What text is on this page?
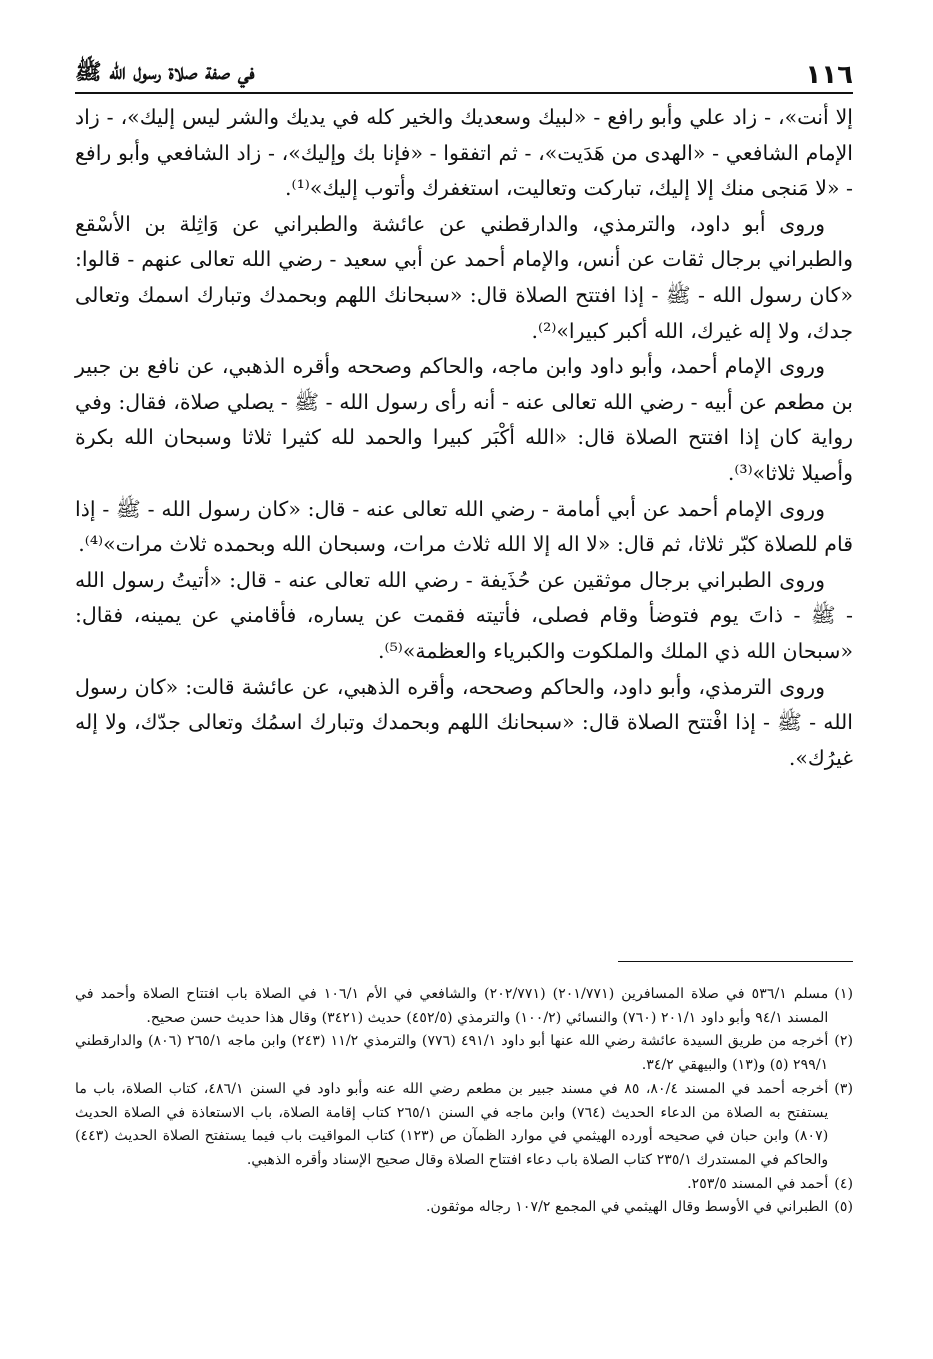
١١٦
في صفة صلاة رسول الله ﷺ

إلا أنت»، - زاد علي وأبو رافع - «لبيك وسعديك والخير كله في يديك والشر ليس إليك»، - زاد الإمام الشافعي - «الهدى من هَدَيت»، - ثم اتفقوا - «فإنا بك وإليك»، - زاد الشافعي وأبو رافع - «لا مَنجى منك إلا إليك، تباركت وتعاليت، استغفرك وأتوب إليك»⁽¹⁾.

وروى أبو داود، والترمذي، والدارقطني عن عائشة والطبراني عن وَاثِلة بن الأسْقع والطبراني برجال ثقات عن أنس، والإمام أحمد عن أبي سعيد - رضي الله تعالى عنهم - قالوا: «كان رسول الله - ﷺ - إذا افتتح الصلاة قال: «سبحانك اللهم وبحمدك وتبارك اسمك وتعالى جدك، ولا إله غيرك، الله أكبر كبيرا»⁽²⁾.

وروى الإمام أحمد، وأبو داود وابن ماجه، والحاكم وصححه وأقره الذهبي، عن نافع بن جبير بن مطعم عن أبيه - رضي الله تعالى عنه - أنه رأى رسول الله - ﷺ - يصلي صلاة، فقال: وفي رواية كان إذا افتتح الصلاة قال: «الله أكْبَر كبيرا والحمد لله كثيرا ثلاثا وسبحان الله بكرة وأصيلا ثلاثا»⁽³⁾.

وروى الإمام أحمد عن أبي أمامة - رضي الله تعالى عنه - قال: «كان رسول الله - ﷺ - إذا قام للصلاة كبّر ثلاثا، ثم قال: «لا اله إلا الله ثلاث مرات، وسبحان الله وبحمده ثلاث مرات»⁽⁴⁾.

وروى الطبراني برجال موثقين عن حُذَيفة - رضي الله تعالى عنه - قال: «أتيتُ رسول الله - ﷺ - ذاتَ يوم فتوضأ وقام فصلى، فأتيته فقمت عن يساره، فأقامني عن يمينه، فقال: «سبحان الله ذي الملك والملكوت والكبرياء والعظمة»⁽⁵⁾.

وروى الترمذي، وأبو داود، والحاكم وصححه، وأقره الذهبي، عن عائشة قالت: «كان رسول الله - ﷺ - إذا افْتتح الصلاة قال: «سبحانك اللهم وبحمدك وتبارك اسمُك وتعالى جدّك، ولا إله غيرُك».

(١)
مسلم ٥٣٦/١ في صلاة المسافرين (٢٠١/٧٧١) (٢٠٢/٧٧١) والشافعي في الأم ١٠٦/١ في الصلاة باب افتتاح الصلاة وأحمد في المسند ٩٤/١ وأبو داود ٢٠١/١ (٧٦٠) والنسائي (١٠٠/٢) والترمذي (٤٥٢/٥) حديث (٣٤٢١) وقال هذا حديث حسن صحيح.
(٢)
أخرجه من طريق السيدة عائشة رضي الله عنها أبو داود ٤٩١/١ (٧٧٦) والترمذي ١١/٢ (٢٤٣) وابن ماجه ٢٦٥/١ (٨٠٦) والدارقطني ٢٩٩/١ (٥) و(١٣) والبيهقي ٣٤/٢.
(٣)
أخرجه أحمد في المسند ٨٠/٤، ٨٥ في مسند جبير بن مطعم رضي الله عنه وأبو داود في السنن ٤٨٦/١، كتاب الصلاة، باب ما يستفتح به الصلاة من الدعاء الحديث (٧٦٤) وابن ماجه في السنن ٢٦٥/١ كتاب إقامة الصلاة، باب الاستعاذة في الصلاة الحديث (٨٠٧) وابن حبان في صحيحه أورده الهيثمي في موارد الظمآن ص (١٢٣) كتاب المواقيت باب فيما يستفتح الصلاة الحديث (٤٤٣) والحاكم في المستدرك ٢٣٥/١ كتاب الصلاة باب دعاء افتتاح الصلاة وقال صحيح الإسناد وأقره الذهبي.
(٤)
أحمد في المسند ٢٥٣/٥.
(٥)
الطبراني في الأوسط وقال الهيثمي في المجمع ١٠٧/٢ رجاله موثقون.
